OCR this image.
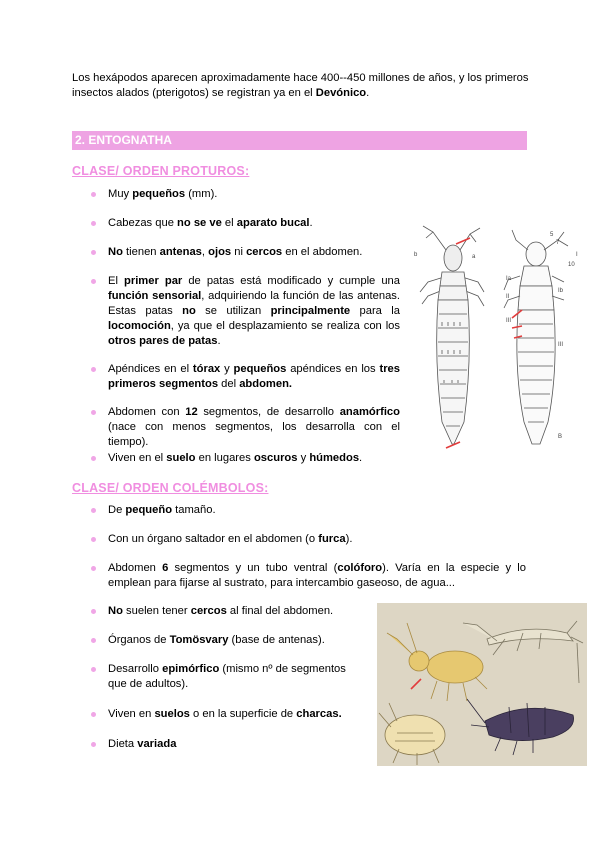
Los hexápodos aparecen aproximadamente hace 400--450 millones de años, y los primeros insectos alados (pterigotos) se registran ya en el Devónico.

2. ENTOGNATHA
CLASE/ ORDEN PROTUROS:
Muy pequeños (mm).
Cabezas que no se ve el aparato bucal.
No tienen antenas, ojos ni cercos en el abdomen.
El primer par de patas está modificado y cumple una función sensorial, adquiriendo la función de las antenas. Estas patas no se utilizan principalmente para la locomoción, ya que el desplazamiento se realiza con los otros pares de patas.
Apéndices en el tórax y pequeños apéndices en los tres primeros segmentos del abdomen.
Abdomen con 12 segmentos, de desarrollo anamórfico (nace con menos segmentos, los desarrolla con el tiempo).
Viven en el suelo en lugares oscuros y húmedos.
b	a
5
7
I
10
Ia
II
III
Ib
III
B
CLASE/ ORDEN COLÉMBOLOS:
De pequeño tamaño.
Con un órgano saltador en el abdomen (o furca).
Abdomen 6 segmentos y un tubo ventral (colóforo). Varía en la especie y lo emplean para fijarse al sustrato, para intercambio gaseoso, de agua...
No suelen tener cercos al final del abdomen.
Órganos de Tomösvary (base de antenas).
Desarrollo epimórfico (mismo nº de segmentos que de adultos).
Viven en suelos o en la superficie de charcas.
Dieta variada
